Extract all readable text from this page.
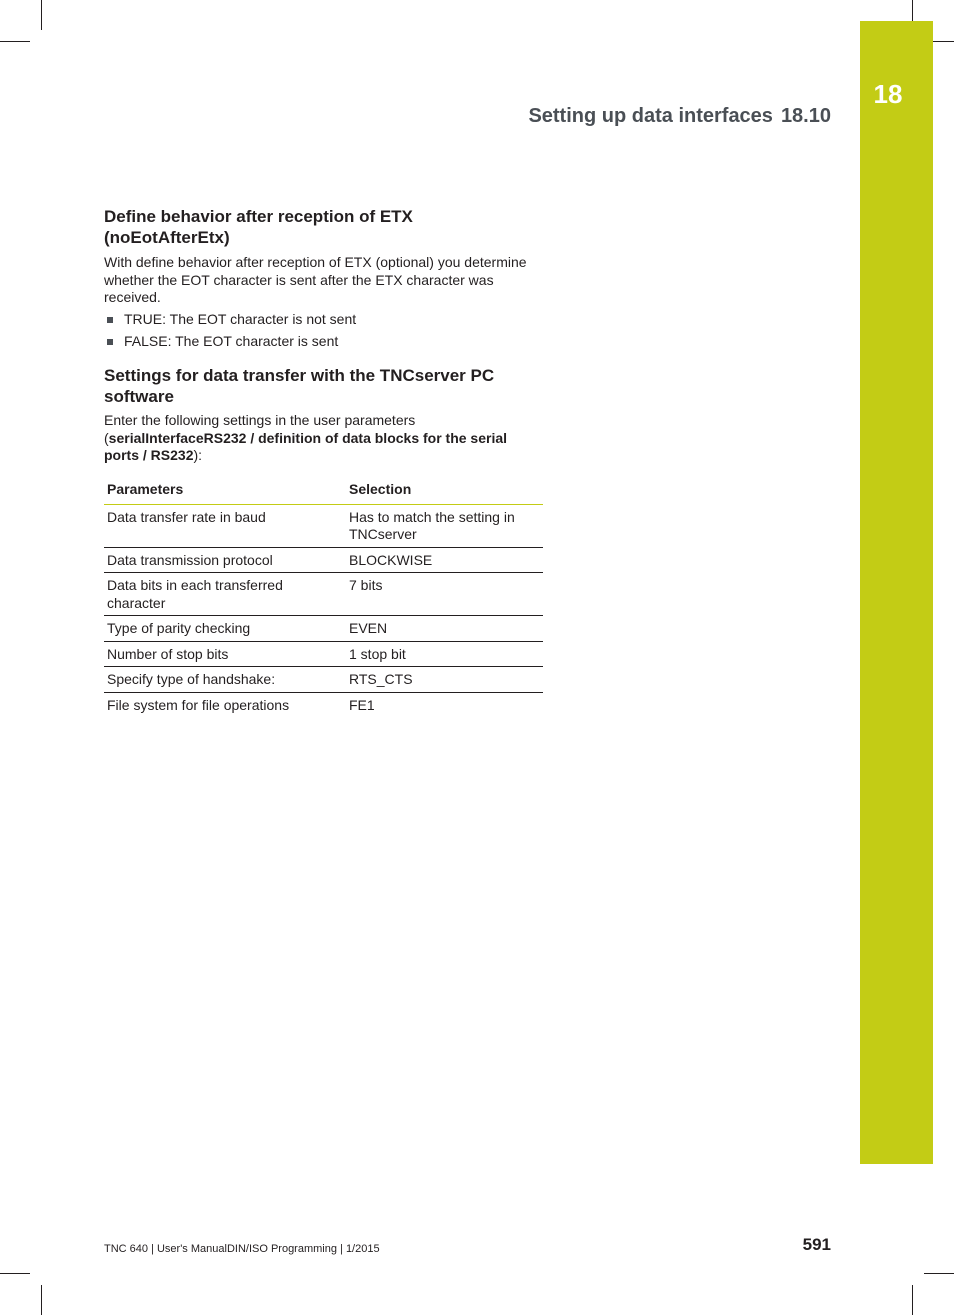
18
Setting up data interfaces 18.10
Define behavior after reception of ETX
(noEotAfterEtx)

With define behavior after reception of ETX (optional) you determine whether the EOT character is sent after the ETX character was received.

TRUE: The EOT character is not sent
FALSE: The EOT character is sent
Settings for data transfer with the TNCserver PC
software

Enter the following settings in the user parameters (serialInterfaceRS232 / definition of data blocks for the serial ports / RS232):

Parameters	Selection
Data transfer rate in baud	Has to match the setting in TNCserver
Data transmission protocol	BLOCKWISE
Data bits in each transferred character	7 bits
Type of parity checking	EVEN
Number of stop bits	1 stop bit
Specify type of handshake:	RTS_CTS
File system for file operations	FE1
TNC 640 | User's ManualDIN/ISO Programming | 1/2015	591
